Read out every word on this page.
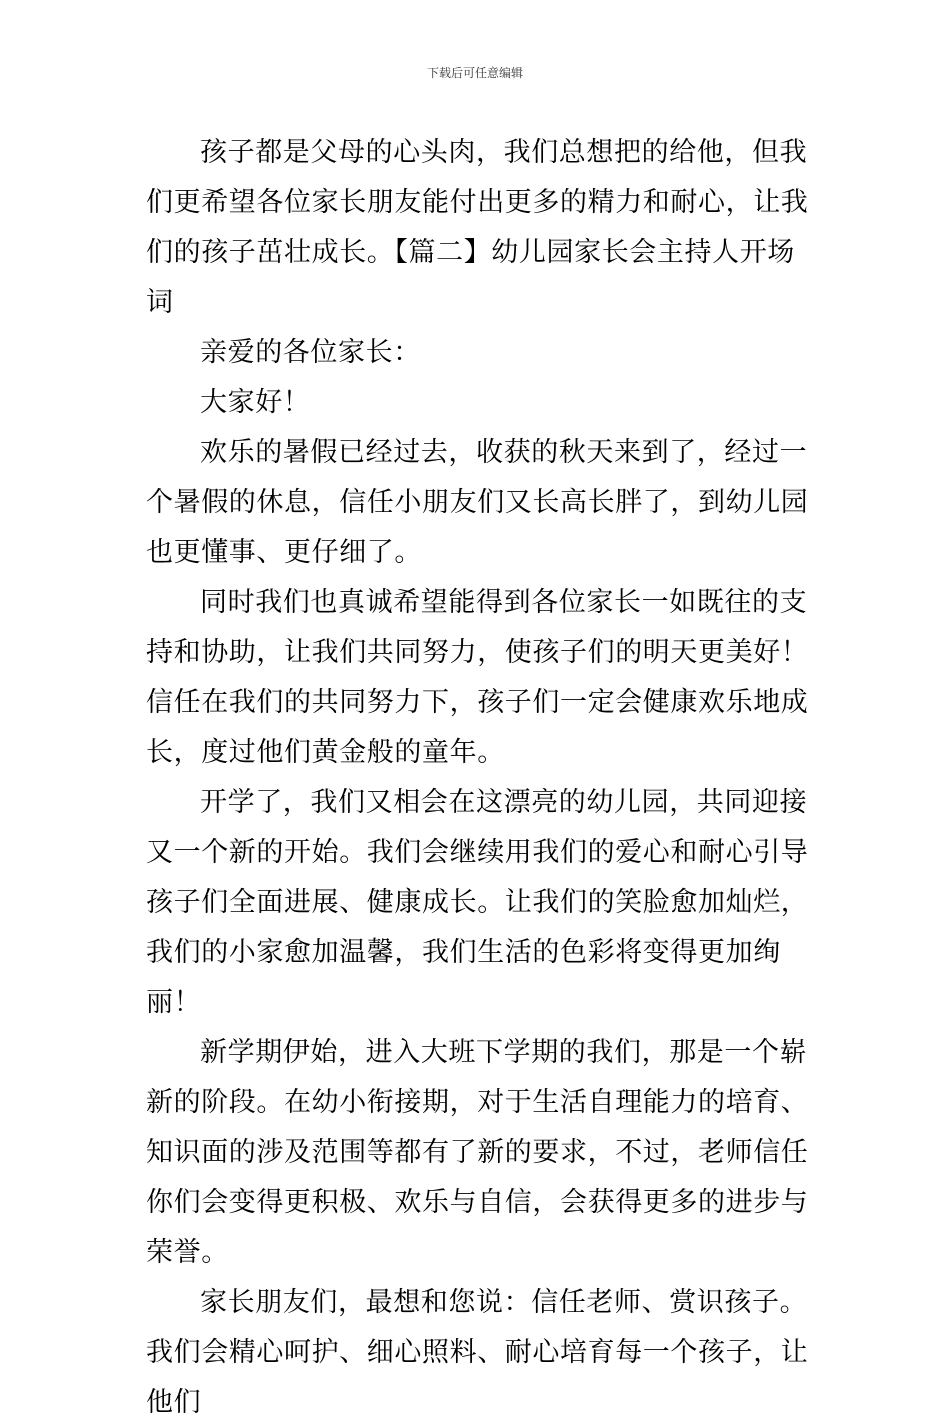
下载后可任意编辑

孩子都是父母的心头肉，我们总想把的给他，但我们更希望各位家长朋友能付出更多的精力和耐心，让我们的孩子茁壮成长。【篇二】幼儿园家长会主持人开场词

亲爱的各位家长：

大家好！

欢乐的暑假已经过去，收获的秋天来到了，经过一个暑假的休息，信任小朋友们又长高长胖了，到幼儿园也更懂事、更仔细了。

同时我们也真诚希望能得到各位家长一如既往的支持和协助，让我们共同努力，使孩子们的明天更美好！信任在我们的共同努力下，孩子们一定会健康欢乐地成长，度过他们黄金般的童年。

开学了，我们又相会在这漂亮的幼儿园，共同迎接又一个新的开始。我们会继续用我们的爱心和耐心引导孩子们全面进展、健康成长。让我们的笑脸愈加灿烂，我们的小家愈加温馨，我们生活的色彩将变得更加绚丽！

新学期伊始，进入大班下学期的我们，那是一个崭新的阶段。在幼小衔接期，对于生活自理能力的培育、知识面的涉及范围等都有了新的要求，不过，老师信任你们会变得更积极、欢乐与自信，会获得更多的进步与荣誉。

家长朋友们，最想和您说：信任老师、赏识孩子。我们会精心呵护、细心照料、耐心培育每一个孩子，让他们
